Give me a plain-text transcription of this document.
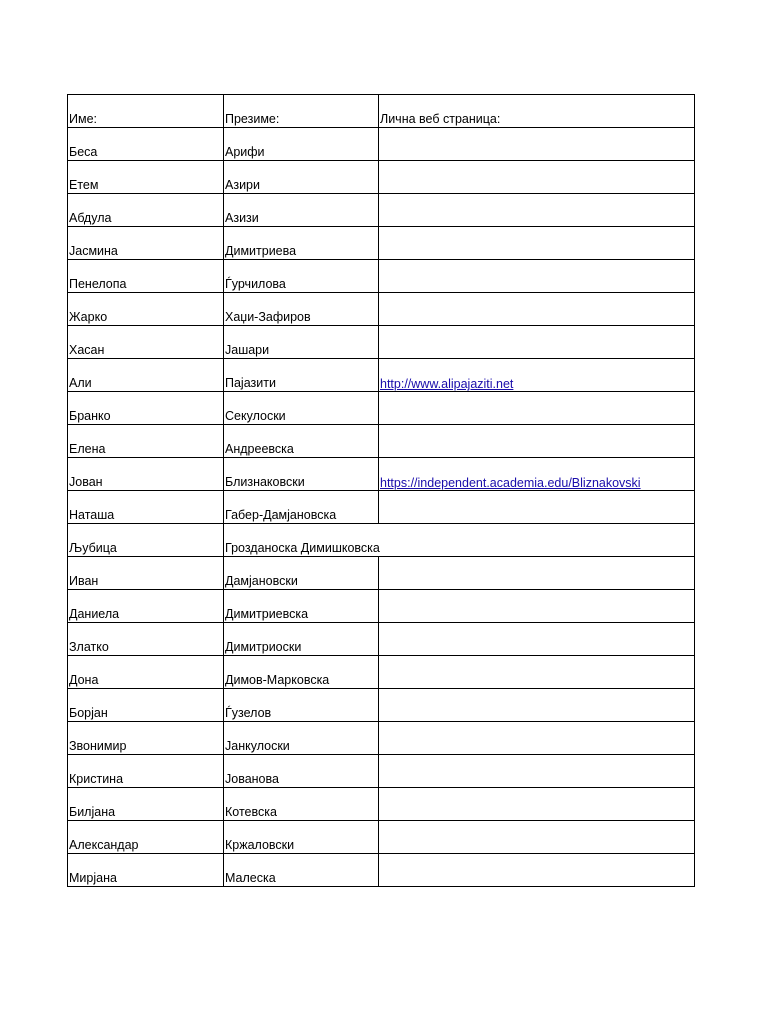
Име:	Презиме:	Лична веб страница:
Беса	Арифи	
Етем	Азири	
Абдула	Азизи	
Јасмина	Димитриева	
Пенелопа	Ѓурчилова	
Жарко	Хаџи-Зафиров	
Хасан	Јашари	
Али	Пајазити	http://www.alipajaziti.net
Бранко	Секулоски	
Елена	Андреевска	
Јован	Близнаковски	https://independent.academia.edu/Bliznakovski
Наташа	Габер-Дамјановска	
Љубица	Грозданоска Димишковска	
Иван	Дамјановски	
Даниела	Димитриевска	
Златко	Димитриоски	
Дона	Димов-Марковска	
Борјан	Ѓузелов	
Звонимир	Јанкулоски	
Кристина	Јованова	
Билјана	Котевска	
Александар	Кржаловски	
Мирјана	Малеска	
